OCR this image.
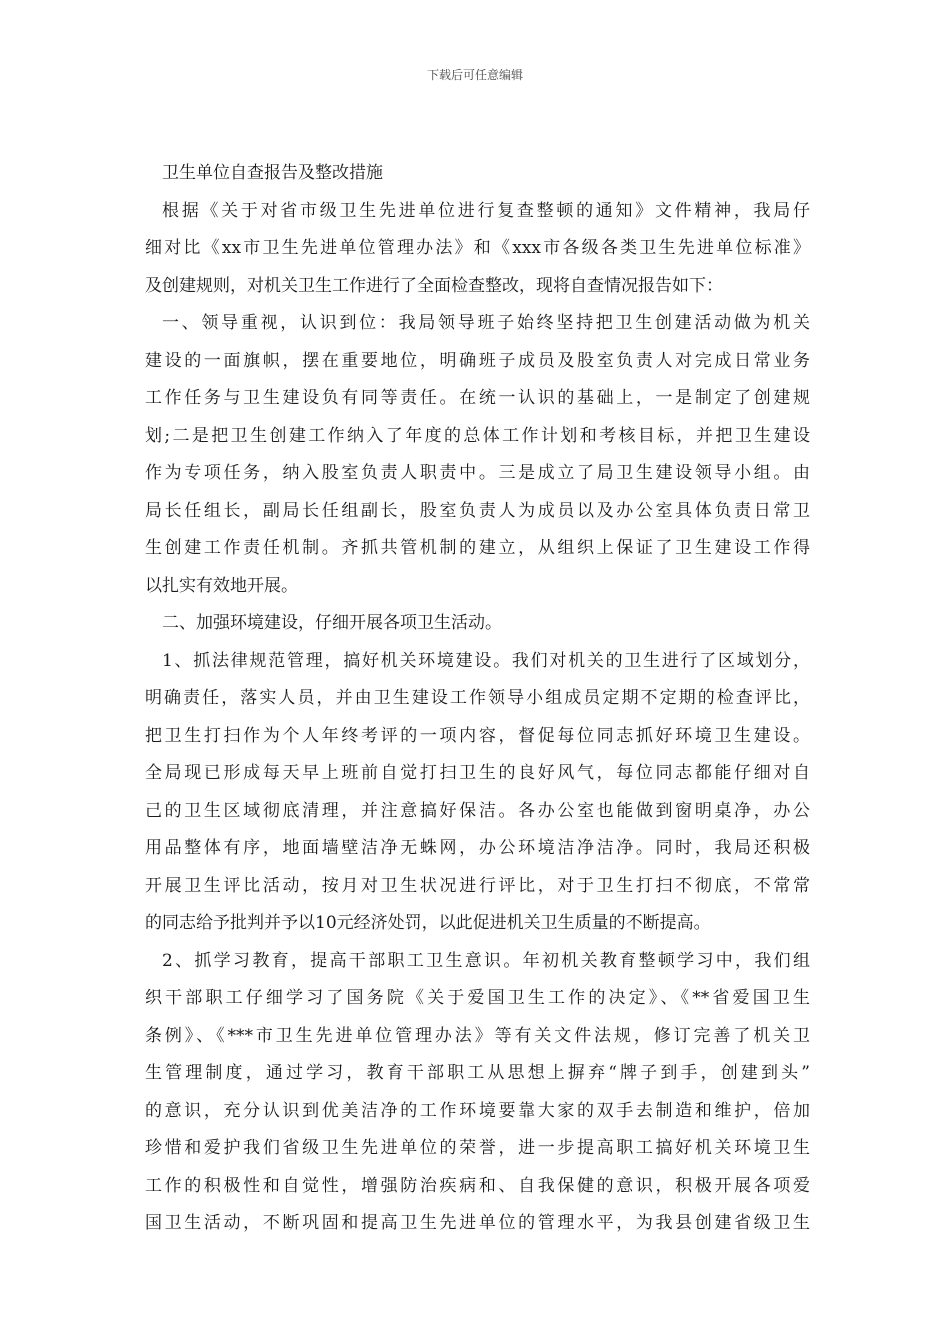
下载后可任意编辑

卫生单位自查报告及整改措施

根据《关于对省市级卫生先进单位进行复查整顿的通知》文件精神，我局仔

细对比《xx市卫生先进单位管理办法》和《xxx市各级各类卫生先进单位标准》

及创建规则，对机关卫生工作进行了全面检查整改，现将自查情况报告如下：

一、领导重视，认识到位：我局领导班子始终坚持把卫生创建活动做为机关

建设的一面旗帜，摆在重要地位，明确班子成员及股室负责人对完成日常业务

工作任务与卫生建设负有同等责任。在统一认识的基础上，一是制定了创建规

划;二是把卫生创建工作纳入了年度的总体工作计划和考核目标，并把卫生建设

作为专项任务，纳入股室负责人职责中。三是成立了局卫生建设领导小组。由

局长任组长，副局长任组副长，股室负责人为成员以及办公室具体负责日常卫

生创建工作责任机制。齐抓共管机制的建立，从组织上保证了卫生建设工作得

以扎实有效地开展。

二、加强环境建设，仔细开展各项卫生活动。

1、抓法律规范管理，搞好机关环境建设。我们对机关的卫生进行了区域划分，

明确责任，落实人员，并由卫生建设工作领导小组成员定期不定期的检查评比，

把卫生打扫作为个人年终考评的一项内容，督促每位同志抓好环境卫生建设。

全局现已形成每天早上班前自觉打扫卫生的良好风气，每位同志都能仔细对自

己的卫生区域彻底清理，并注意搞好保洁。各办公室也能做到窗明桌净，办公

用品整体有序，地面墙壁洁净无蛛网，办公环境洁净洁净。同时，我局还积极

开展卫生评比活动，按月对卫生状况进行评比，对于卫生打扫不彻底，不常常

的同志给予批判并予以10元经济处罚，以此促进机关卫生质量的不断提高。

2、抓学习教育，提高干部职工卫生意识。年初机关教育整顿学习中，我们组

织干部职工仔细学习了国务院《关于爱国卫生工作的决定》、《**省爱国卫生

条例》、《***市卫生先进单位管理办法》等有关文件法规，修订完善了机关卫

生管理制度，通过学习，教育干部职工从思想上摒弃“牌子到手，创建到头”

的意识，充分认识到优美洁净的工作环境要靠大家的双手去制造和维护，倍加

珍惜和爱护我们省级卫生先进单位的荣誉，进一步提高职工搞好机关环境卫生

工作的积极性和自觉性，增强防治疾病和、自我保健的意识，积极开展各项爱

国卫生活动，不断巩固和提高卫生先进单位的管理水平，为我县创建省级卫生
